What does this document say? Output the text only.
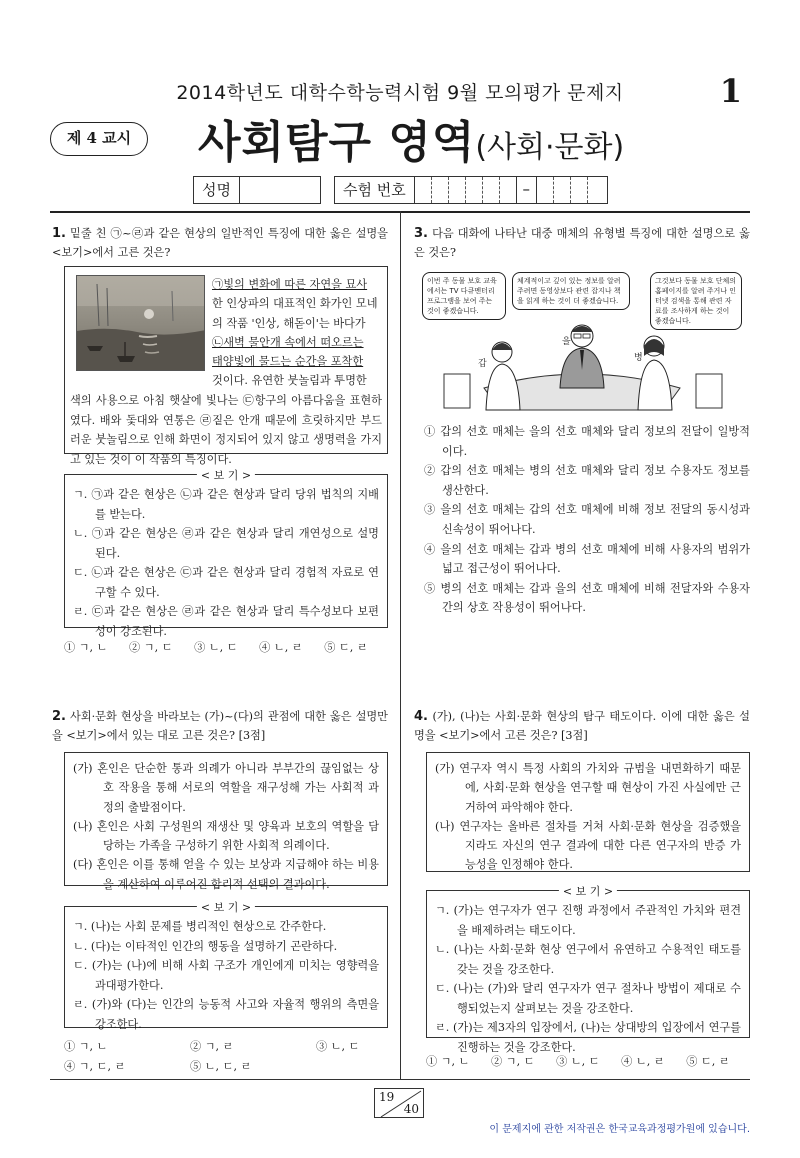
2014학년도 대학수학능력시험 9월 모의평가 문제지	1
제 4 교시	사회탐구 영역(사회·문화)
성명	수험 번호	–
1. 밑줄 친 ㉠~㉣과 같은 현상의 일반적인 특징에 대한 옳은 설명을 <보기>에서 고른 것은?
㉠빛의 변화에 따른 자연을 묘사
한 인상파의 대표적인 화가인 모네
의 작품 '인상, 해돋이'는 바다가
㉡새벽 물안개 속에서 떠오르는
태양빛에 물드는 순간을 포착한
것이다. 유연한 붓놀림과 투명한
색의 사용으로 아침 햇살에 빛나는 ㉢항구의 아름다움을 표현하였다. 배와 돛대와 연통은 ㉣짙은 안개 때문에 흐릿하지만 부드러운 붓놀림으로 인해 화면이 정지되어 있지 않고 생명력을 가지고 있는 것이 이 작품의 특징이다.
< 보 기 >
ㄱ. ㉠과 같은 현상은 ㉡과 같은 현상과 달리 당위 법칙의 지배를 받는다.
ㄴ. ㉠과 같은 현상은 ㉣과 같은 현상과 달리 개연성으로 설명된다.
ㄷ. ㉡과 같은 현상은 ㉢과 같은 현상과 달리 경험적 자료로 연구할 수 있다.
ㄹ. ㉢과 같은 현상은 ㉣과 같은 현상과 달리 특수성보다 보편성이 강조된다.
① ㄱ, ㄴ ② ㄱ, ㄷ ③ ㄴ, ㄷ ④ ㄴ, ㄹ ⑤ ㄷ, ㄹ
2. 사회·문화 현상을 바라보는 (가)~(다)의 관점에 대한 옳은 설명만을 <보기>에서 있는 대로 고른 것은? [3점]
(가) 혼인은 단순한 통과 의례가 아니라 부부간의 끊임없는 상호 작용을 통해 서로의 역할을 재구성해 가는 사회적 과정의 출발점이다.
(나) 혼인은 사회 구성원의 재생산 및 양육과 보호의 역할을 담당하는 가족을 구성하기 위한 사회적 의례이다.
(다) 혼인은 이를 통해 얻을 수 있는 보상과 지급해야 하는 비용을 계산하여 이루어진 합리적 선택의 결과이다.
< 보 기 >
ㄱ. (나)는 사회 문제를 병리적인 현상으로 간주한다.
ㄴ. (다)는 이타적인 인간의 행동을 설명하기 곤란하다.
ㄷ. (가)는 (나)에 비해 사회 구조가 개인에게 미치는 영향력을 과대평가한다.
ㄹ. (가)와 (다)는 인간의 능동적 사고와 자율적 행위의 측면을 강조한다.
① ㄱ, ㄴ	② ㄱ, ㄹ	③ ㄴ, ㄷ
④ ㄱ, ㄷ, ㄹ	⑤ ㄴ, ㄷ, ㄹ
3. 다음 대화에 나타난 대중 매체의 유형별 특징에 대한 설명으로 옳은 것은?
이번 주 동물 보호 교육에서는 TV 다큐멘터리 프로그램을 보여 주는 것이 좋겠습니다.
체계적이고 깊이 있는 정보를 알려 주려면 동영상보다 관련 잡지나 책을 읽게 하는 것이 더 좋겠습니다.
그것보다 동물 보호 단체의 홈페이지를 알려 주거나 인터넷 검색을 통해 관련 자료를 조사하게 하는 것이 좋겠습니다.
갑
을
병
① 갑의 선호 매체는 을의 선호 매체와 달리 정보의 전달이 일방적이다.
② 갑의 선호 매체는 병의 선호 매체와 달리 정보 수용자도 정보를 생산한다.
③ 을의 선호 매체는 갑의 선호 매체에 비해 정보 전달의 동시성과 신속성이 뛰어나다.
④ 을의 선호 매체는 갑과 병의 선호 매체에 비해 사용자의 범위가 넓고 접근성이 뛰어나다.
⑤ 병의 선호 매체는 갑과 을의 선호 매체에 비해 전달자와 수용자 간의 상호 작용성이 뛰어나다.
4. (가), (나)는 사회·문화 현상의 탐구 태도이다. 이에 대한 옳은 설명을 <보기>에서 고른 것은? [3점]
(가) 연구자 역시 특정 사회의 가치와 규범을 내면화하기 때문에, 사회·문화 현상을 연구할 때 현상이 가진 사실에만 근거하여 파악해야 한다.
(나) 연구자는 올바른 절차를 거쳐 사회·문화 현상을 검증했을지라도 자신의 연구 결과에 대한 다른 연구자의 반증 가능성을 인정해야 한다.
< 보 기 >
ㄱ. (가)는 연구자가 연구 진행 과정에서 주관적인 가치와 편견을 배제하려는 태도이다.
ㄴ. (나)는 사회·문화 현상 연구에서 유연하고 수용적인 태도를 갖는 것을 강조한다.
ㄷ. (나)는 (가)와 달리 연구자가 연구 절차나 방법이 제대로 수행되었는지 살펴보는 것을 강조한다.
ㄹ. (가)는 제3자의 입장에서, (나)는 상대방의 입장에서 연구를 진행하는 것을 강조한다.
① ㄱ, ㄴ ② ㄱ, ㄷ ③ ㄴ, ㄷ ④ ㄴ, ㄹ ⑤ ㄷ, ㄹ
19
40
이 문제지에 관한 저작권은 한국교육과정평가원에 있습니다.
